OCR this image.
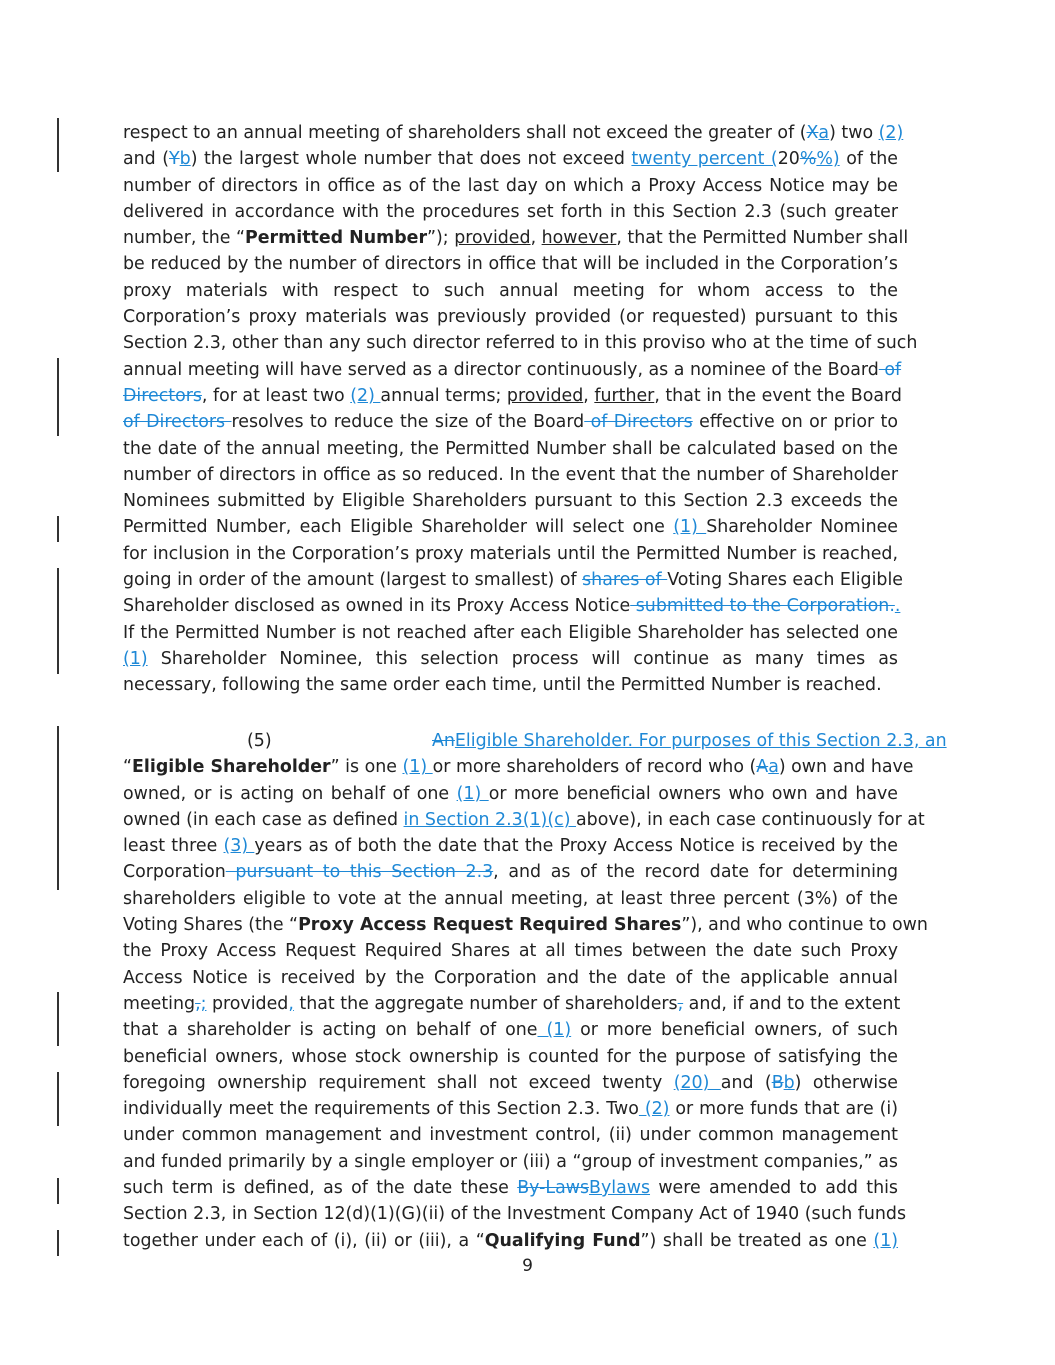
respect to an annual meeting of shareholders shall not exceed the greater of (Xa) two (2)
and (Yb) the largest whole number that does not exceed twenty percent (20%%) of the
number of directors in office as of the last day on which a Proxy Access Notice may be
delivered in accordance with the procedures set forth in this Section 2.3 (such greater
number, the “Permitted Number”); provided, however, that the Permitted Number shall
be reduced by the number of directors in office that will be included in the Corporation’s
proxy materials with respect to such annual meeting for whom access to the
Corporation’s proxy materials was previously provided (or requested) pursuant to this
Section 2.3, other than any such director referred to in this proviso who at the time of such
annual meeting will have served as a director continuously, as a nominee of the Board of
Directors, for at least two (2) annual terms; provided, further, that in the event the Board
of Directors resolves to reduce the size of the Board of Directors effective on or prior to
the date of the annual meeting, the Permitted Number shall be calculated based on the
number of directors in office as so reduced. In the event that the number of Shareholder
Nominees submitted by Eligible Shareholders pursuant to this Section 2.3 exceeds the
Permitted Number, each Eligible Shareholder will select one (1) Shareholder Nominee
for inclusion in the Corporation’s proxy materials until the Permitted Number is reached,
going in order of the amount (largest to smallest) of shares of Voting Shares each Eligible
Shareholder disclosed as owned in its Proxy Access Notice submitted to the Corporation..
If the Permitted Number is not reached after each Eligible Shareholder has selected one
(1) Shareholder Nominee, this selection process will continue as many times as
necessary, following the same order each time, until the Permitted Number is reached.
(5)	AnEligible Shareholder. For purposes of this Section 2.3, an
“Eligible Shareholder” is one (1) or more shareholders of record who (Aa) own and have
owned, or is acting on behalf of one (1) or more beneficial owners who own and have
owned (in each case as defined in Section 2.3(1)(c) above), in each case continuously for at
least three (3) years as of both the date that the Proxy Access Notice is received by the
Corporation pursuant to this Section 2.3, and as of the record date for determining
shareholders eligible to vote at the annual meeting, at least three percent (3%) of the
Voting Shares (the “Proxy Access Request Required Shares”), and who continue to own
the Proxy Access Request Required Shares at all times between the date such Proxy
Access Notice is received by the Corporation and the date of the applicable annual
meeting,; provided, that the aggregate number of shareholders, and, if and to the extent
that a shareholder is acting on behalf of one (1) or more beneficial owners, of such
beneficial owners, whose stock ownership is counted for the purpose of satisfying the
foregoing ownership requirement shall not exceed twenty (20) and (Bb) otherwise
individually meet the requirements of this Section 2.3. Two (2) or more funds that are (i)
under common management and investment control, (ii) under common management
and funded primarily by a single employer or (iii) a “group of investment companies,” as
such term is defined, as of the date these By-LawsBylaws were amended to add this
Section 2.3, in Section 12(d)(1)(G)(ii) of the Investment Company Act of 1940 (such funds
together under each of (i), (ii) or (iii), a “Qualifying Fund”) shall be treated as one (1)
9
